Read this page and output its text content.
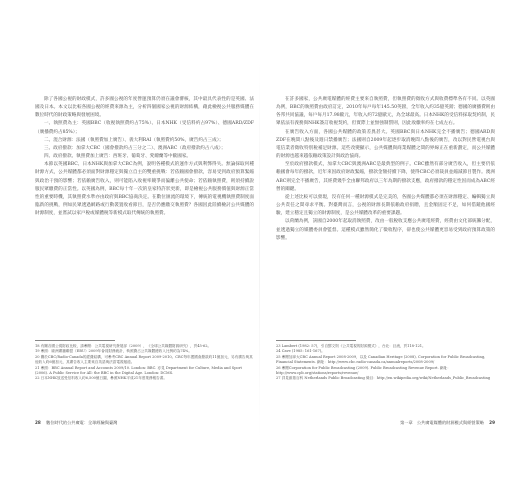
除了各國公視的財政模式，許多國公視的年度營運預算仍須在議會審核，其中最具代表性的是英國、法國及日本。本文以比較各國公視的經費來源為主，分析四個國家公視的財源結構，藉此檢視公共服務媒體在數位時代的財政策略與發展困境。

一、執照費為主：英國BBC（收視執照費約占75%）、日本NHK（受信料約占97%）、德國ARD/ZDF（廣播費約占85%）；

二、混合財源：法國（執照費加上廣告）、義大利RAI（執照費約50%，廣告約占三成）；

三、政府撥款：加拿大CBC（國會撥款約占三分之二）、澳洲ABC（政府撥款約占八成）；

四、政府撥款、執照費加上廣告：西班牙、葡萄牙、愛爾蘭等中歐國家。

本節以英國BBC、日本NHK與加拿大CBC為例，說明各種模式的運作方式與利弊得失。無論採取何種財源方式，公共媒體都必須面對財源穩定與獨立自主的雙重挑戰：若依賴國會撥款，容易受到政府預算緊縮與政治干預的影響；若依賴廣告收入，則可能陷入收視率競爭而偏離公共使命；若依賴執照費，則須持續說服民眾繳費的正當性。以英國為例，BBC每十年一次的皇家特許狀更新，即是檢視公共服務價值與財源正當性的重要時機，其執照費水準亦由政府與BBC協商決定。在數位匯流的環境下，傳統的電視機執照費制度面臨新的挑戰，例如民眾透過網路或行動裝置收看節目，是否仍應繳交執照費？各國因此陸續檢討公共媒體的財源制度，並嘗試以家戶稅或媒體稅等新模式取代傳統的執照費。

18 有關各國公視財政比較，請參閱：公共電視研究發展部（2009），《全球公共媒體財源研究》，頁45-62。
19 參照：歐洲廣播聯盟（EBU）2009年會員財務統計，執照費占公共媒體總收入比例約為74%。
20 關於CBC/Radio-Canada的經費結構，可參考CBC Annual Report 2009-2010。CBC每年獲國會撥款約11億加元，另有廣告與其他收入約6億加元，其廣告收入主要來自英語與法語電視頻道。
21 參照：BBC Annual Report and Accounts 2009/10. London: BBC. 亦見 Department for Culture, Media and Sport (2006). A Public Service for All: the BBC in the Digital Age. London: DCMS.
22 日本NHK放送受信料收入約6,500億日圓，參照NHK平成21年度業務報告書。
28 數位時代的公共廣電：全球經驗與臺灣

在許多國家，公共廣電媒體的經費主要來自執照費，但執照費的徵收方式與收費標準各有不同。以英國為例，BBC的執照費由政府訂定，2010年每戶每年145.50英鎊，全年收入約35億英鎊；德國的廣播費則由各邦共同協議，每戶每月17.98歐元，年收入約72億歐元，為全球最高。日本NHK的受信料採取契約制，民眾依法有義務與NHK簽訂收視契約，但實際上並無強制罰則，因此收繳率約在七成左右。

在廣告收入方面，各國公共媒體的政策差異甚大。英國BBC與日本NHK完全不播廣告；德國ARD與ZDF在晚間八點後及週日禁播廣告；法國則自2009年起逐步取消晚間八點後的廣告，改以對民營電視台與電信業者徵收特別稅補足財源。這些改變顯示，公共媒體與商業媒體之間的界線正在重新劃定，而公共媒體的財源也越來越依賴政策設計與政治協商。

至於政府撥款模式，加拿大CBC與澳洲ABC是最典型的例子。CBC雖然有部分廣告收入，但主要仍依賴國會每年的撥款，近年來因政府財政緊縮，撥款金額持續下降，使得CBC必須裁員並縮減節目製作。澳洲ABC則完全不播廣告，其經費幾乎全由聯邦政府以三年為期的撥款支應，政府撥款的穩定性因而成為ABC經營的關鍵。

從上述比較可以發現，沒有任何一種財源模式是完美的，各國公共媒體都必須在財源穩定、編輯獨立與公共責任之間尋求平衡。對臺灣而言，公視的財源長期依賴政府捐贈，且金額固定不足，如何借鏡他國經驗，建立穩定且獨立的財源制度，是公共媒體改革的重要課題。

以荷蘭為例，該國自2000年起取消執照費，改由一般稅收支應公共廣電經費，經費由文化部統籌分配，並透過獨立的媒體委員會監督。這種模式雖然簡化了徵收程序，卻也使公共媒體更容易受到政府預算政策的影響。

23 Lambert (1982: 57)，引自鄧文則《公共電視的財源模式》，台北：巨流，頁118-121。
24 Cave (1985: 161-167)。
25 參閱加拿大CBC Annual Report 2008-2009，以及 Canadian Heritage (2008), Corporation for Public Broadcasting, Financial Statements. 網址：http://www.cbc.radio-canada.ca/annualreports/2008-2009/
26 參閱Corporation for Public Broadcasting (2009). Public Broadcasting Revenue Report. 網址：http://www.cpb.org/stations/reports/revenue/
27 詳見維基百科 Netherlands Public Broadcasting 條目：http://en.wikipedia.org/wiki/Netherlands_Public_Broadcasting
第一章　公共廣電媒體的財源模式與經營策略 29
